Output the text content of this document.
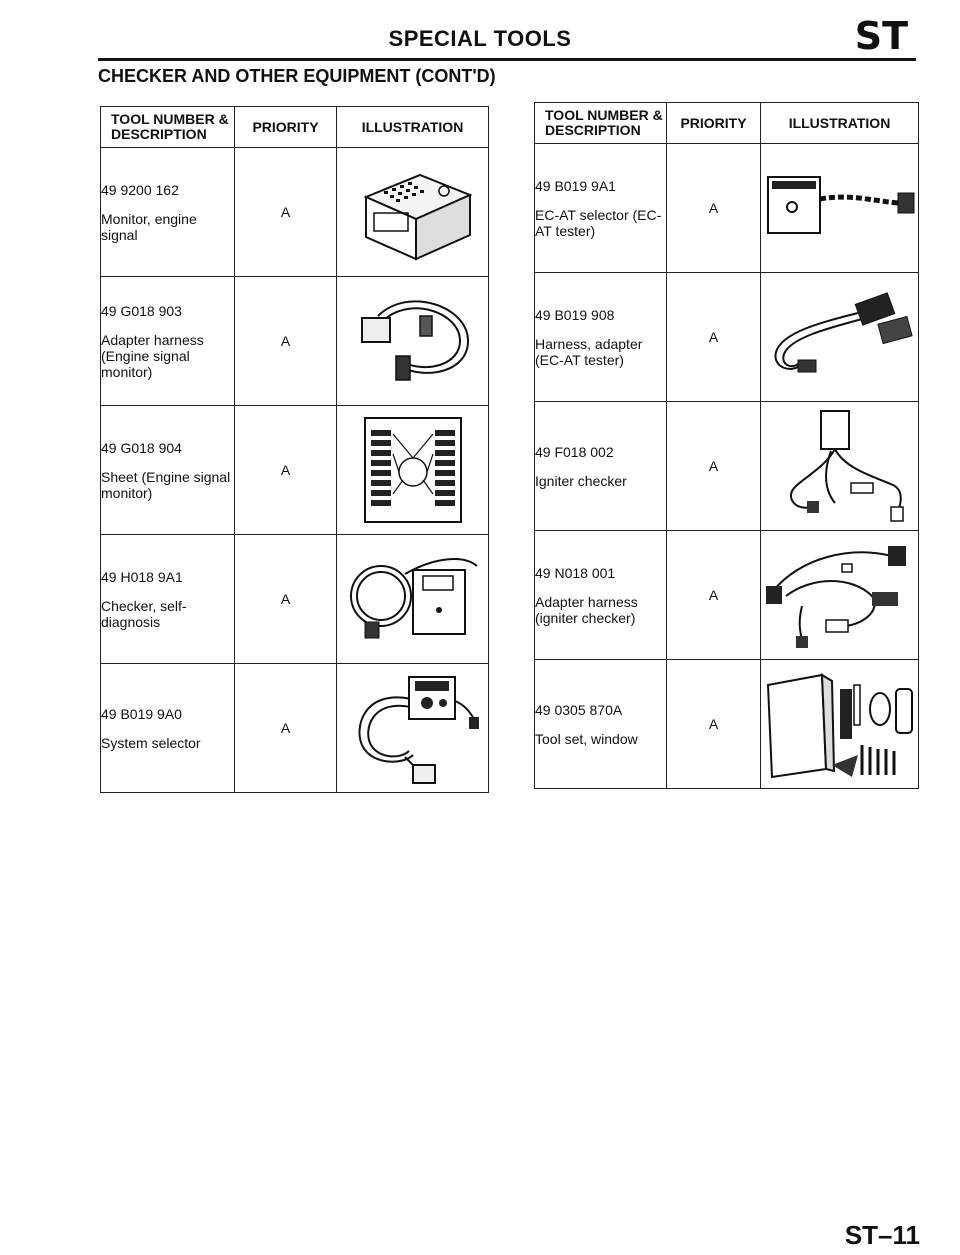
SPECIAL TOOLS	ST
CHECKER AND OTHER EQUIPMENT (CONT'D)
TOOL NUMBER & DESCRIPTION	PRIORITY	ILLUSTRATION

49 9200 162
Monitor, engine signal	A	

49 G018 903
Adapter harness (Engine signal monitor)	A	

49 G018 904
Sheet (Engine signal monitor)	A	

49 H018 9A1
Checker, self-diagnosis	A	

49 B019 9A0
System selector	A	
TOOL NUMBER & DESCRIPTION	PRIORITY	ILLUSTRATION

49 B019 9A1
EC-AT selector (EC-AT tester)	A	

49 B019 908
Harness, adapter (EC-AT tester)	A	

49 F018 002
Igniter checker	A	

49 N018 001
Adapter harness (igniter checker)	A	

49 0305 870A
Tool set, window	A	
ST–11
